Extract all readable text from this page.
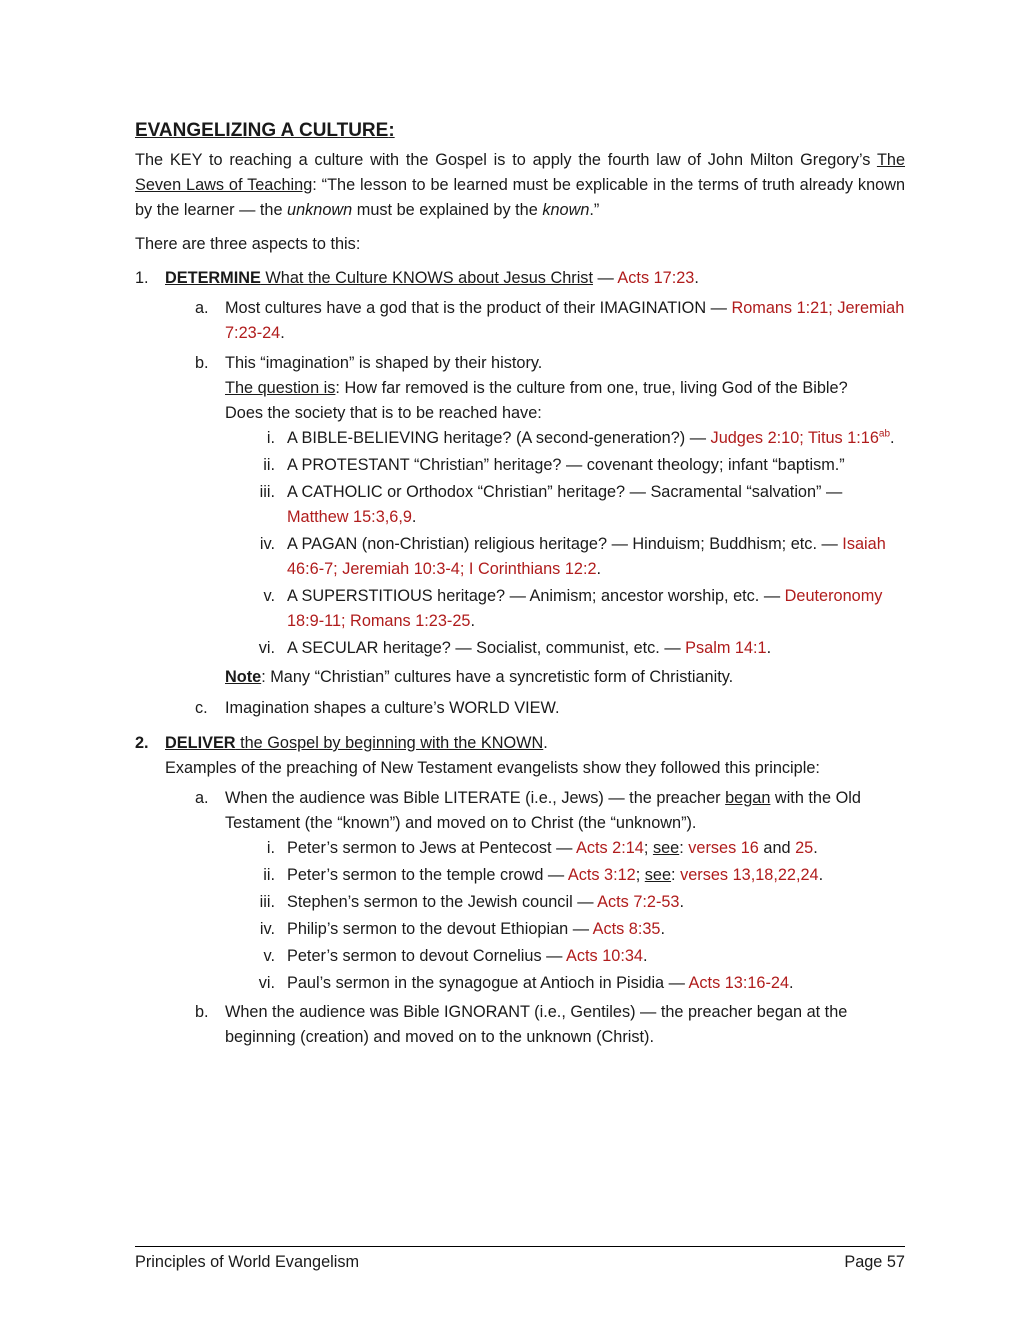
EVANGELIZING A CULTURE:

The KEY to reaching a culture with the Gospel is to apply the fourth law of John Milton Gregory’s The Seven Laws of Teaching: “The lesson to be learned must be explicable in the terms of truth already known by the learner — the unknown must be explained by the known.”

There are three aspects to this:

1.	DETERMINE What the Culture KNOWS about Jesus Christ — Acts 17:23.
a.	Most cultures have a god that is the product of their IMAGINATION — Romans 1:21; Jeremiah 7:23-24.
b. This “imagination” is shaped by their history.
The question is: How far removed is the culture from one, true, living God of the Bible?
Does the society that is to be reached have:
i. A BIBLE-BELIEVING heritage? (A second-generation?) — Judges 2:10; Titus 1:16$^{ab}$.
ii. A PROTESTANT “Christian” heritage? — covenant theology; infant “baptism.”
iii. A CATHOLIC or Orthodox “Christian” heritage? — Sacramental “salvation” — Matthew 15:3,6,9.
iv. A PAGAN (non-Christian) religious heritage? — Hinduism; Buddhism; etc. — Isaiah 46:6-7; Jeremiah 10:3-4; I Corinthians 12:2.
v. A SUPERSTITIOUS heritage? — Animism; ancestor worship, etc. — Deuteronomy 18:9-11; Romans 1:23-25.
vi. A SECULAR heritage? — Socialist, communist, etc. — Psalm 14:1.
Note: Many “Christian” cultures have a syncretistic form of Christianity.
c.	Imagination shapes a culture’s WORLD VIEW.
2. DELIVER the Gospel by beginning with the KNOWN.
Examples of the preaching of New Testament evangelists show they followed this principle:
a.	When the audience was Bible LITERATE (i.e., Jews) — the preacher began with the Old Testament (the “known”) and moved on to Christ (the “unknown”).
i. Peter’s sermon to Jews at Pentecost — Acts 2:14; see: verses 16 and 25.
ii. Peter’s sermon to the temple crowd — Acts 3:12; see: verses 13,18,22,24.
iii. Stephen’s sermon to the Jewish council — Acts 7:2-53.
iv. Philip’s sermon to the devout Ethiopian — Acts 8:35.
v. Peter’s sermon to devout Cornelius — Acts 10:34.
vi. Paul’s sermon in the synagogue at Antioch in Pisidia — Acts 13:16-24.
b.	When the audience was Bible IGNORANT (i.e., Gentiles) — the preacher began at the beginning (creation) and moved on to the unknown (Christ).
Principles of World Evangelism	Page 57
